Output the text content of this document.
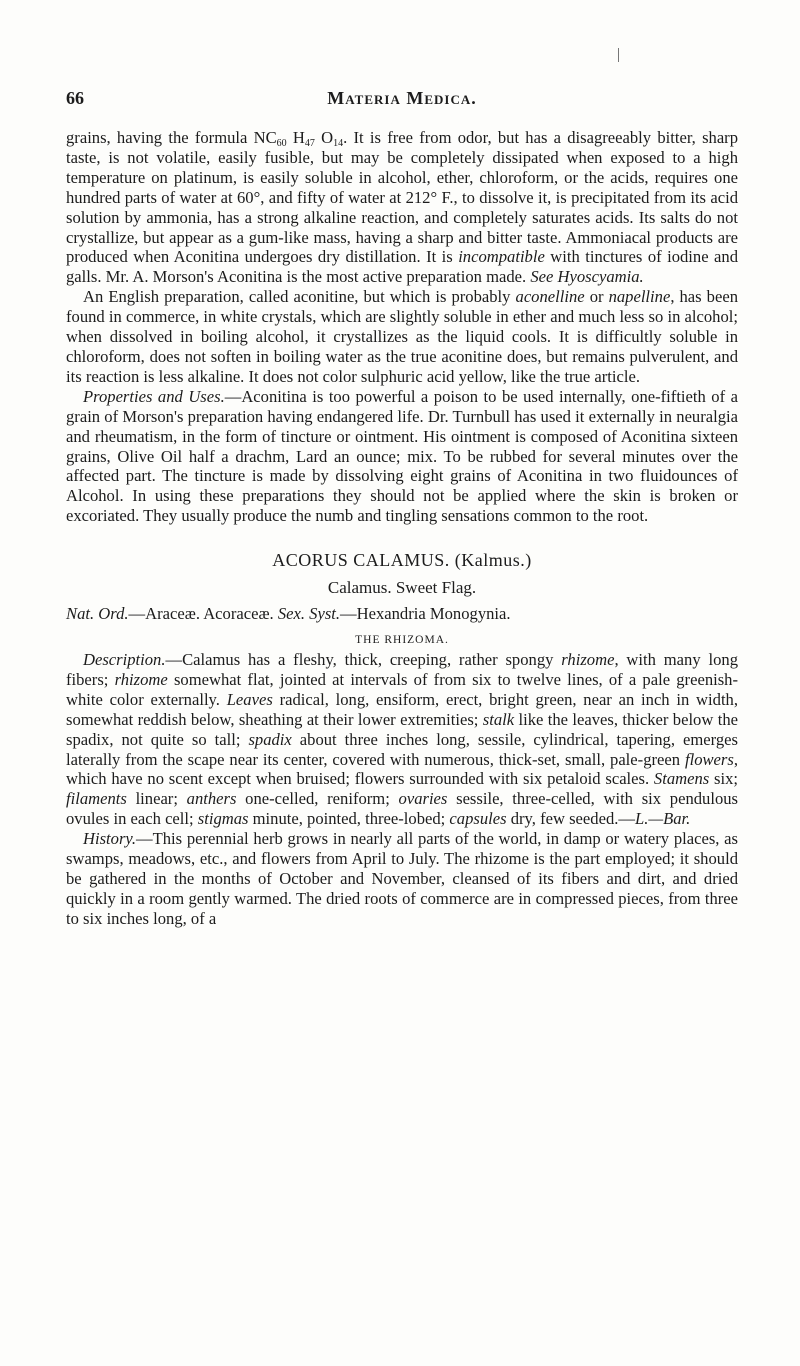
66	Materia Medica.

grains, having the formula $NC_{60}$ $H_{47}$ $O_{14}$. It is free from odor, but has a disagreeably bitter, sharp taste, is not volatile, easily fusible, but may be completely dissipated when exposed to a high temperature on platinum, is easily soluble in alcohol, ether, chloroform, or the acids, requires one hundred parts of water at 60°, and fifty of water at 212° F., to dissolve it, is precipitated from its acid solution by ammonia, has a strong alkaline reaction, and completely saturates acids. Its salts do not crystallize, but appear as a gum-like mass, having a sharp and bitter taste. Ammoniacal products are produced when Aconitina undergoes dry distillation. It is incompatible with tinctures of iodine and galls. Mr. A. Morson's Aconitina is the most active preparation made. See Hyoscyamia.

An English preparation, called aconitine, but which is probably aconelline or napelline, has been found in commerce, in white crystals, which are slightly soluble in ether and much less so in alcohol; when dissolved in boiling alcohol, it crystallizes as the liquid cools. It is difficultly soluble in chloroform, does not soften in boiling water as the true aconitine does, but remains pulverulent, and its reaction is less alkaline. It does not color sulphuric acid yellow, like the true article.

Properties and Uses.—Aconitina is too powerful a poison to be used internally, one-fiftieth of a grain of Morson's preparation having endangered life. Dr. Turnbull has used it externally in neuralgia and rheumatism, in the form of tincture or ointment. His ointment is composed of Aconitina sixteen grains, Olive Oil half a drachm, Lard an ounce; mix. To be rubbed for several minutes over the affected part. The tincture is made by dissolving eight grains of Aconitina in two fluidounces of Alcohol. In using these preparations they should not be applied where the skin is broken or excoriated. They usually produce the numb and tingling sensations common to the root.

ACORUS CALAMUS. (Kalmus.)
Calamus. Sweet Flag.
Nat. Ord.—Araceæ. Acoraceæ. Sex. Syst.—Hexandria Monogynia.
THE RHIZOMA.

Description.—Calamus has a fleshy, thick, creeping, rather spongy rhizome, with many long fibers; rhizome somewhat flat, jointed at intervals of from six to twelve lines, of a pale greenish-white color externally. Leaves radical, long, ensiform, erect, bright green, near an inch in width, somewhat reddish below, sheathing at their lower extremities; stalk like the leaves, thicker below the spadix, not quite so tall; spadix about three inches long, sessile, cylindrical, tapering, emerges laterally from the scape near its center, covered with numerous, thick-set, small, pale-green flowers, which have no scent except when bruised; flowers surrounded with six petaloid scales. Stamens six; filaments linear; anthers one-celled, reniform; ovaries sessile, three-celled, with six pendulous ovules in each cell; stigmas minute, pointed, three-lobed; capsules dry, few seeded.—L.—Bar.

History.—This perennial herb grows in nearly all parts of the world, in damp or watery places, as swamps, meadows, etc., and flowers from April to July. The rhizome is the part employed; it should be gathered in the months of October and November, cleansed of its fibers and dirt, and dried quickly in a room gently warmed. The dried roots of commerce are in compressed pieces, from three to six inches long, of a
